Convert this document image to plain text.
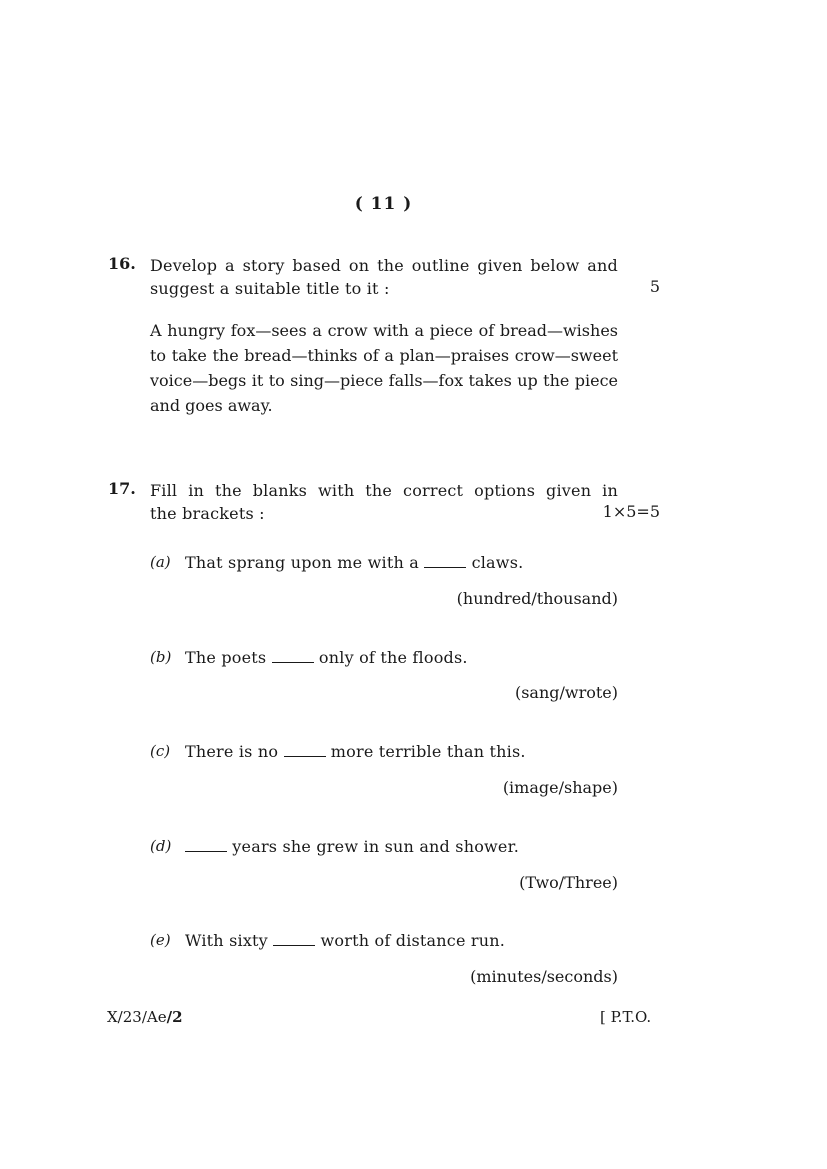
( 11 )
16. Develop a story based on the outline given below and
suggest a suitable title to it :	5
A hungry fox—sees a crow with a piece of bread—wishes to take the bread—thinks of a plan—praises crow—sweet voice—begs it to sing—piece falls—fox takes up the piece and goes away.
17. Fill in the blanks with the correct options given in
the brackets :	1×5=5
(a) That sprang upon me with a	claws.
(hundred/thousand)
(b) The poets	only of the floods.
(sang/wrote)
(c) There is no	more terrible than this.
(image/shape)
(d)	years she grew in sun and shower.
(Two/Three)
(e) With sixty	worth of distance run.
(minutes/seconds)
X/23/Ae/2	[ P.T.O.
